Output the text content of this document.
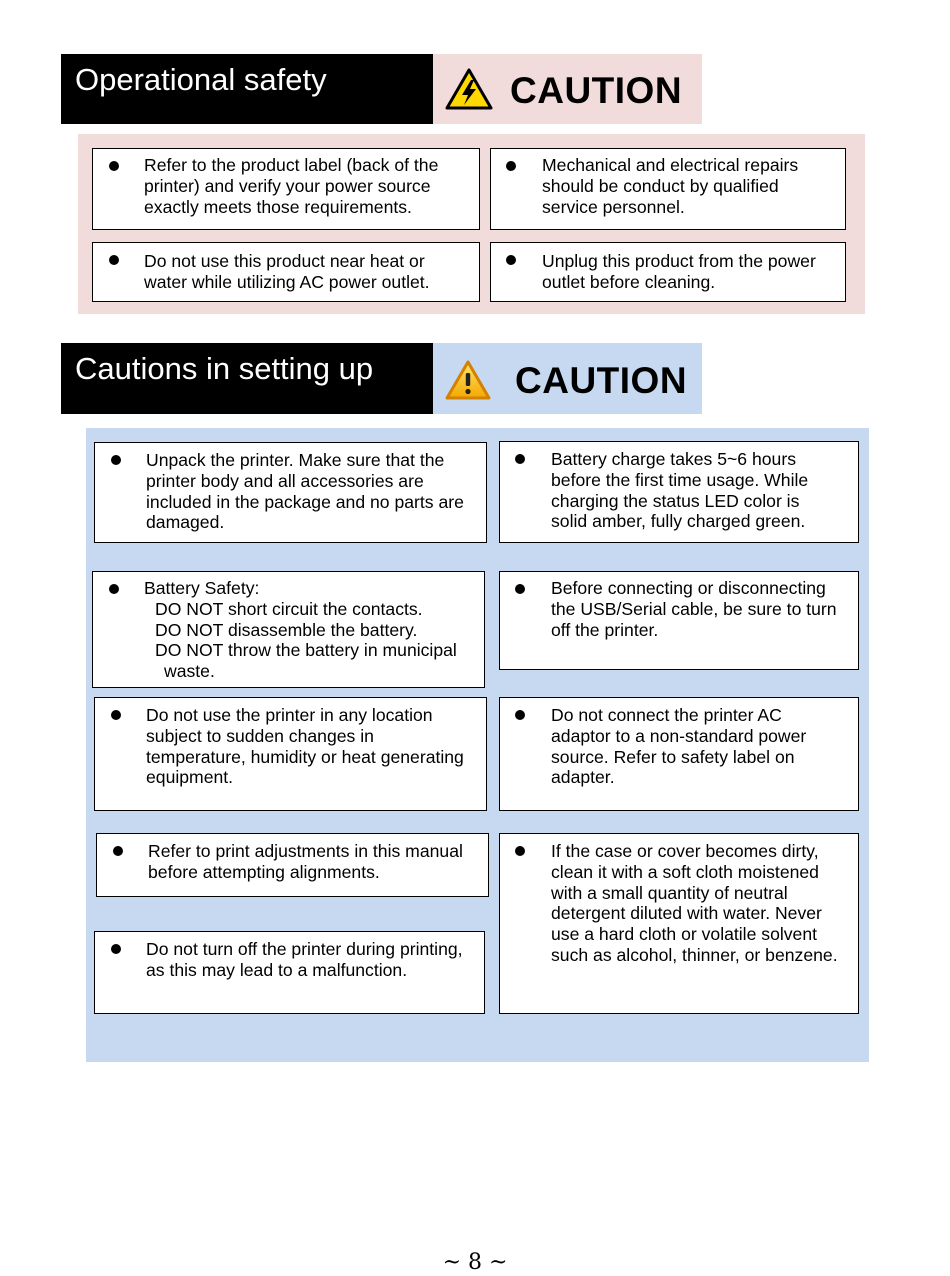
Operational safety	CAUTION
Refer to the product label (back of the
printer) and verify your power source
exactly meets those requirements.
Mechanical and electrical repairs
should be conduct by qualified
service personnel.
Do not use this product near heat or
water while utilizing AC power outlet.
Unplug this product from the power
outlet before cleaning.
Cautions in setting up	CAUTION
Unpack the printer. Make sure that the
printer body and all accessories are
included in the package and no parts are
damaged.
Battery charge takes 5~6 hours
before the first time usage. While
charging the status LED color is
solid amber, fully charged green.
Battery Safety:
DO NOT short circuit the contacts.
DO NOT disassemble the battery.
DO NOT throw the battery in municipal
waste.
Before connecting or disconnecting
the USB/Serial cable, be sure to turn
off the printer.
Do not use the printer in any location
subject to sudden changes in
temperature, humidity or heat generating
equipment.
Do not connect the printer AC
adaptor to a non-standard power
source. Refer to safety label on
adapter.
Refer to print adjustments in this manual
before attempting alignments.
If the case or cover becomes dirty,
clean it with a soft cloth moistened
with a small quantity of neutral
detergent diluted with water. Never
use a hard cloth or volatile solvent
such as alcohol, thinner, or benzene.
Do not turn off the printer during printing,
as this may lead to a malfunction.
~ 8 ~
